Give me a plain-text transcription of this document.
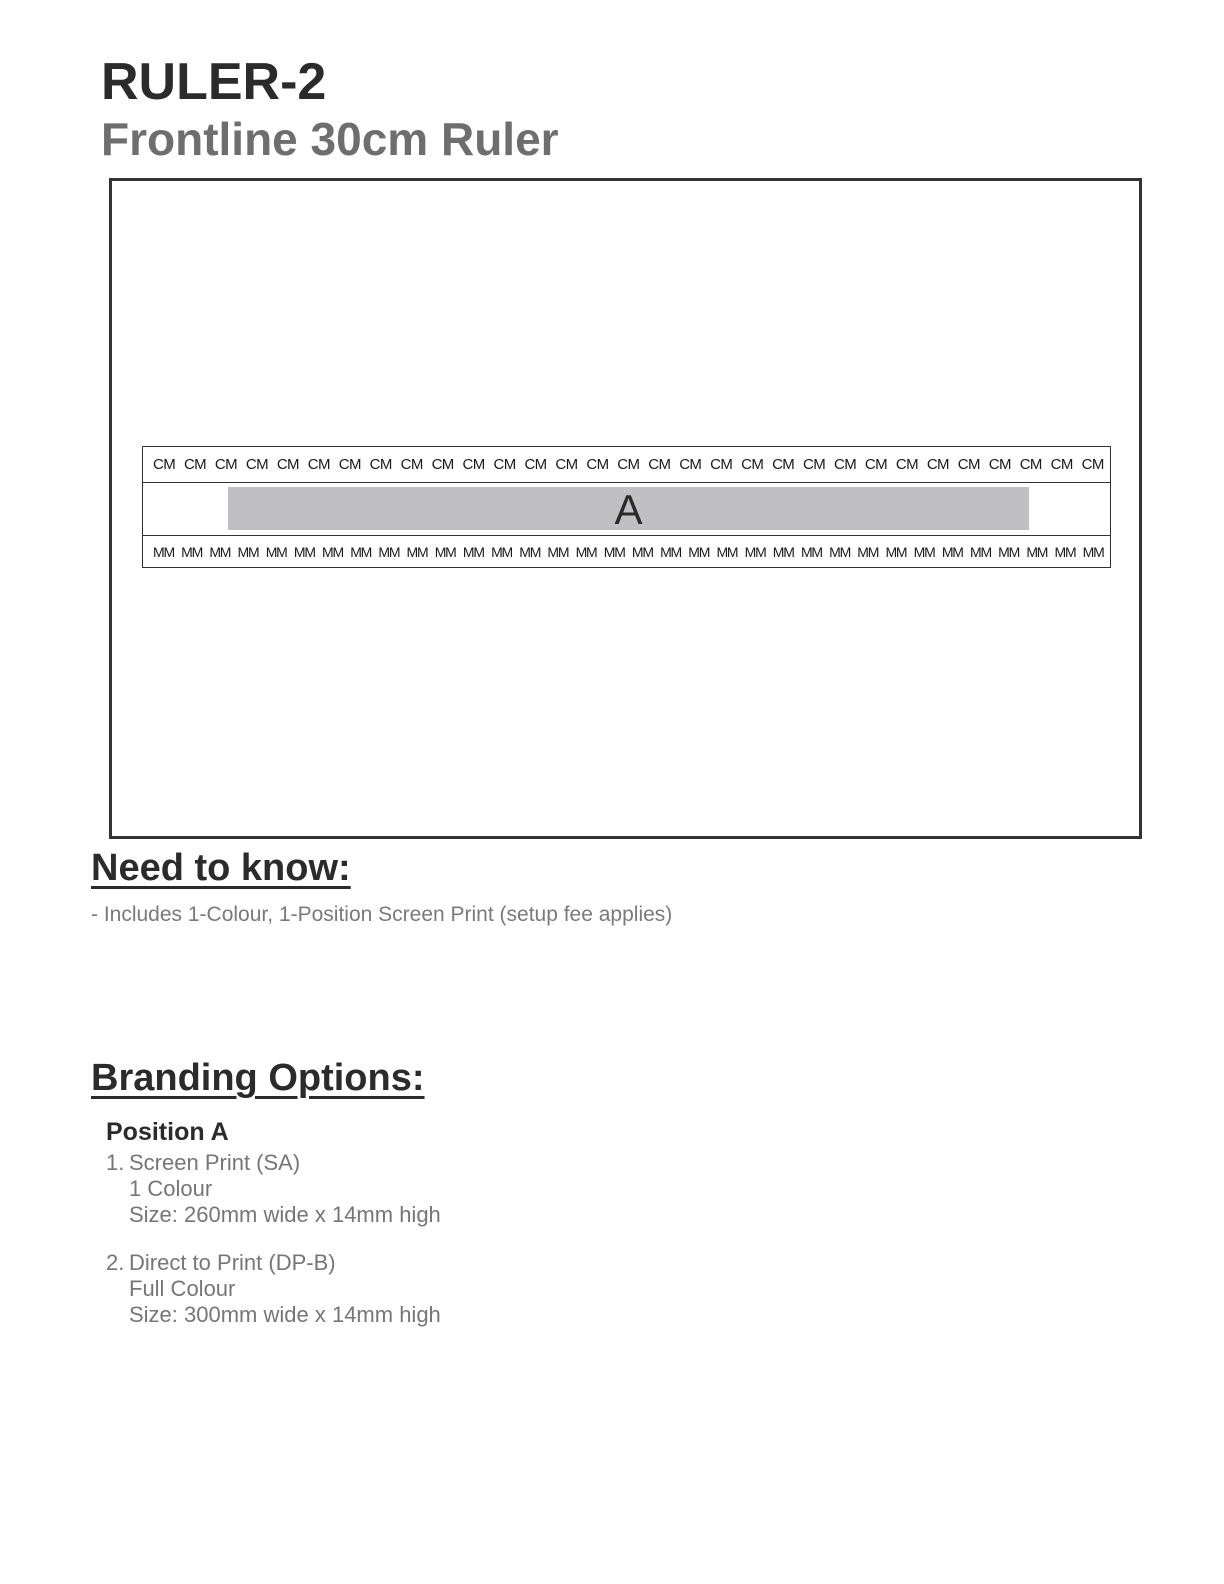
RULER-2
Frontline 30cm Ruler
CM CM CM CM CM CM CM CM CM CM CM CM CM CM CM CM CM CM CM CM CM CM CM CM CM CM CM CM CM CM CM
A
MM MM MM MM MM MM MM MM MM MM MM MM MM MM MM MM MM MM MM MM MM MM MM MM MM MM MM MM MM MM MM MM MM MM
Need to know:

- Includes 1-Colour, 1-Position Screen Print (setup fee applies)

Branding Options:

Position A

1. Screen Print (SA)
1 Colour
Size: 260mm wide x 14mm high
2. Direct to Print (DP-B)
Full Colour
Size: 300mm wide x 14mm high
